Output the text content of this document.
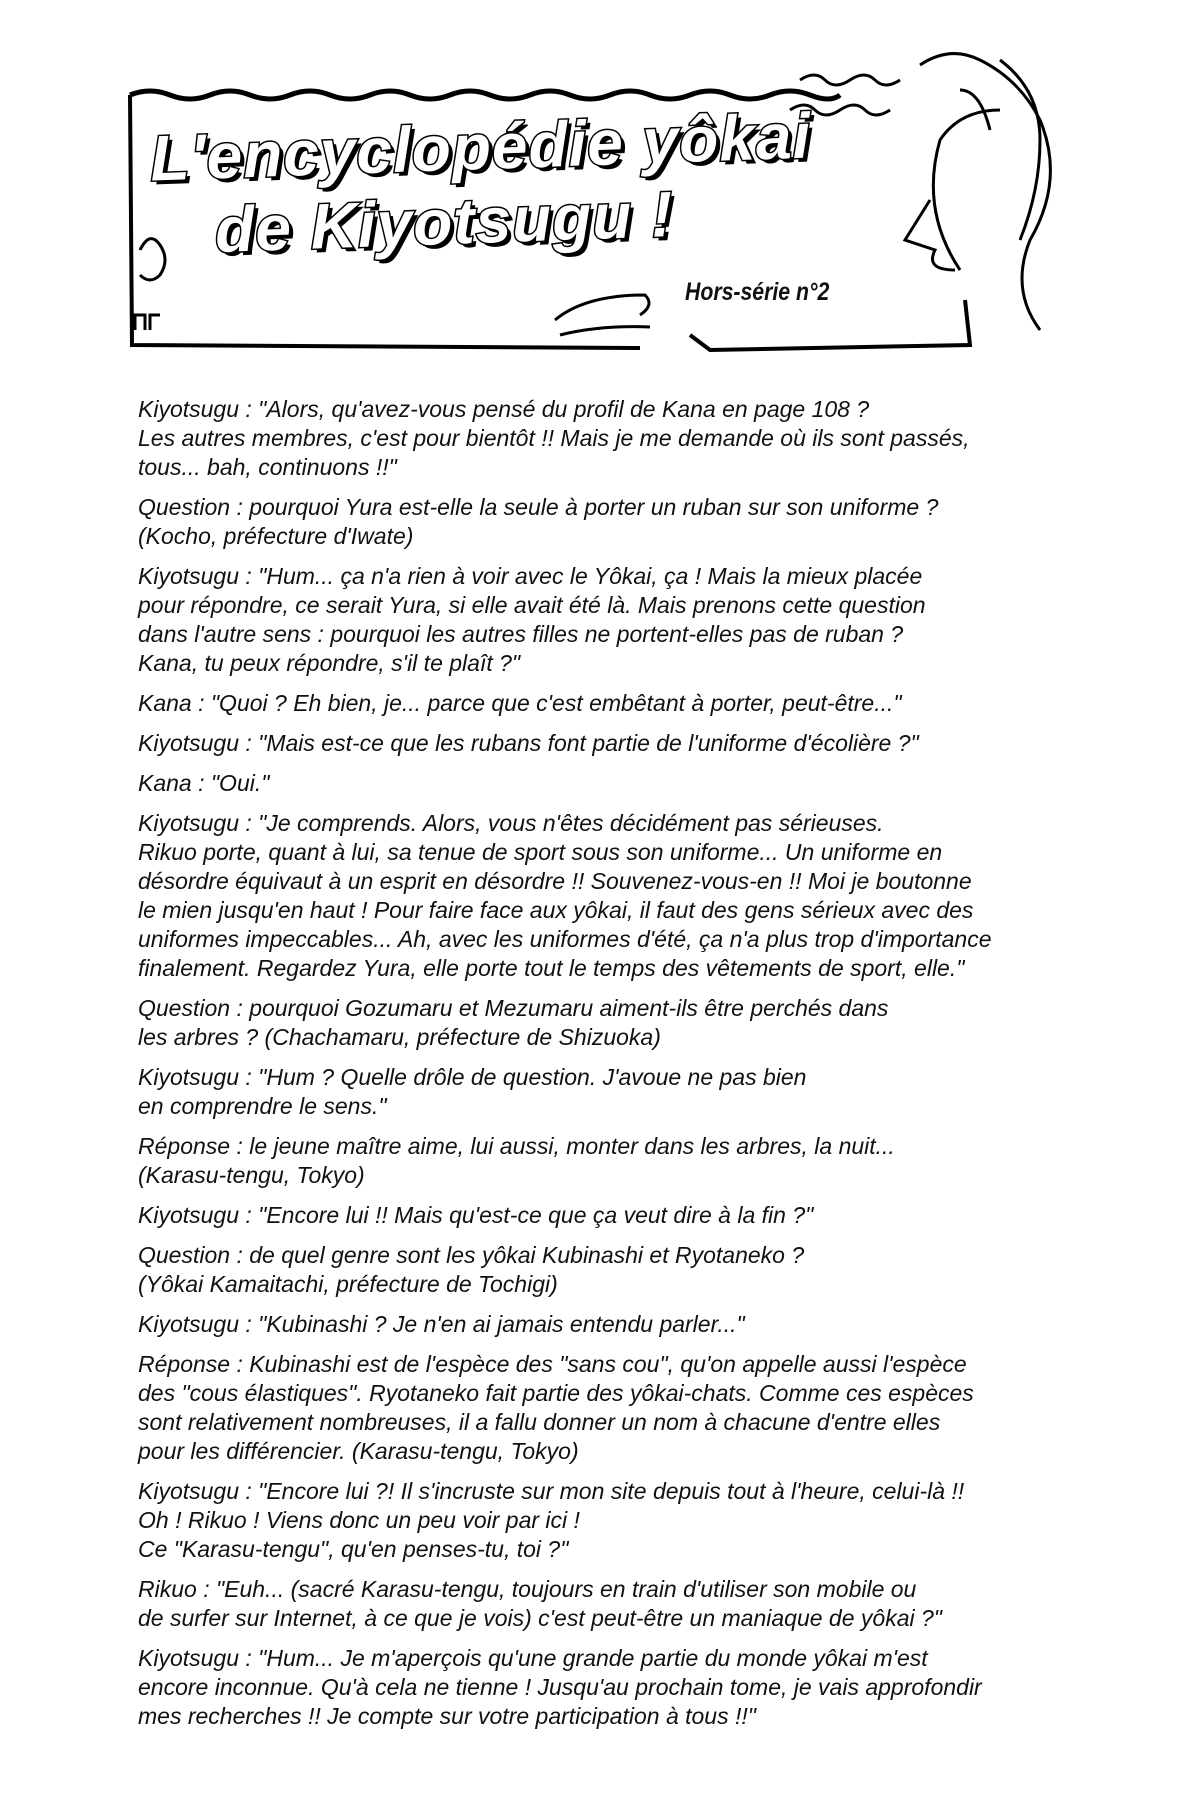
L'encyclopédie yôkai
de Kiyotsugu !
Hors-série n°2
Kiyotsugu : "Alors, qu'avez-vous pensé du profil de Kana en page 108 ?
Les autres membres, c'est pour bientôt !! Mais je me demande où ils sont passés,
tous... bah, continuons !!"
Question : pourquoi Yura est-elle la seule à porter un ruban sur son uniforme ?
(Kocho, préfecture d'Iwate)
Kiyotsugu : "Hum... ça n'a rien à voir avec le Yôkai, ça ! Mais la mieux placée
pour répondre, ce serait Yura, si elle avait été là. Mais prenons cette question
dans l'autre sens : pourquoi les autres filles ne portent-elles pas de ruban ?
Kana, tu peux répondre, s'il te plaît ?"
Kana : "Quoi ? Eh bien, je... parce que c'est embêtant à porter, peut-être..."
Kiyotsugu : "Mais est-ce que les rubans font partie de l'uniforme d'écolière ?"
Kana : "Oui."
Kiyotsugu : "Je comprends. Alors, vous n'êtes décidément pas sérieuses.
Rikuo porte, quant à lui, sa tenue de sport sous son uniforme... Un uniforme en
désordre équivaut à un esprit en désordre !! Souvenez-vous-en !! Moi je boutonne
le mien jusqu'en haut ! Pour faire face aux yôkai, il faut des gens sérieux avec des
uniformes impeccables... Ah, avec les uniformes d'été, ça n'a plus trop d'importance
finalement. Regardez Yura, elle porte tout le temps des vêtements de sport, elle."
Question : pourquoi Gozumaru et Mezumaru aiment-ils être perchés dans
les arbres ? (Chachamaru, préfecture de Shizuoka)
Kiyotsugu : "Hum ? Quelle drôle de question. J'avoue ne pas bien
en comprendre le sens."
Réponse : le jeune maître aime, lui aussi, monter dans les arbres, la nuit...
(Karasu-tengu, Tokyo)
Kiyotsugu : "Encore lui !! Mais qu'est-ce que ça veut dire à la fin ?"
Question : de quel genre sont les yôkai Kubinashi et Ryotaneko ?
(Yôkai Kamaitachi, préfecture de Tochigi)
Kiyotsugu : "Kubinashi ? Je n'en ai jamais entendu parler..."
Réponse : Kubinashi est de l'espèce des "sans cou", qu'on appelle aussi l'espèce
des "cous élastiques". Ryotaneko fait partie des yôkai-chats. Comme ces espèces
sont relativement nombreuses, il a fallu donner un nom à chacune d'entre elles
pour les différencier. (Karasu-tengu, Tokyo)
Kiyotsugu : "Encore lui ?! Il s'incruste sur mon site depuis tout à l'heure, celui-là !!
Oh ! Rikuo ! Viens donc un peu voir par ici !
Ce "Karasu-tengu", qu'en penses-tu, toi ?"
Rikuo : "Euh... (sacré Karasu-tengu, toujours en train d'utiliser son mobile ou
de surfer sur Internet, à ce que je vois) c'est peut-être un maniaque de yôkai ?"
Kiyotsugu : "Hum... Je m'aperçois qu'une grande partie du monde yôkai m'est
encore inconnue. Qu'à cela ne tienne ! Jusqu'au prochain tome, je vais approfondir
mes recherches !! Je compte sur votre participation à tous !!"
